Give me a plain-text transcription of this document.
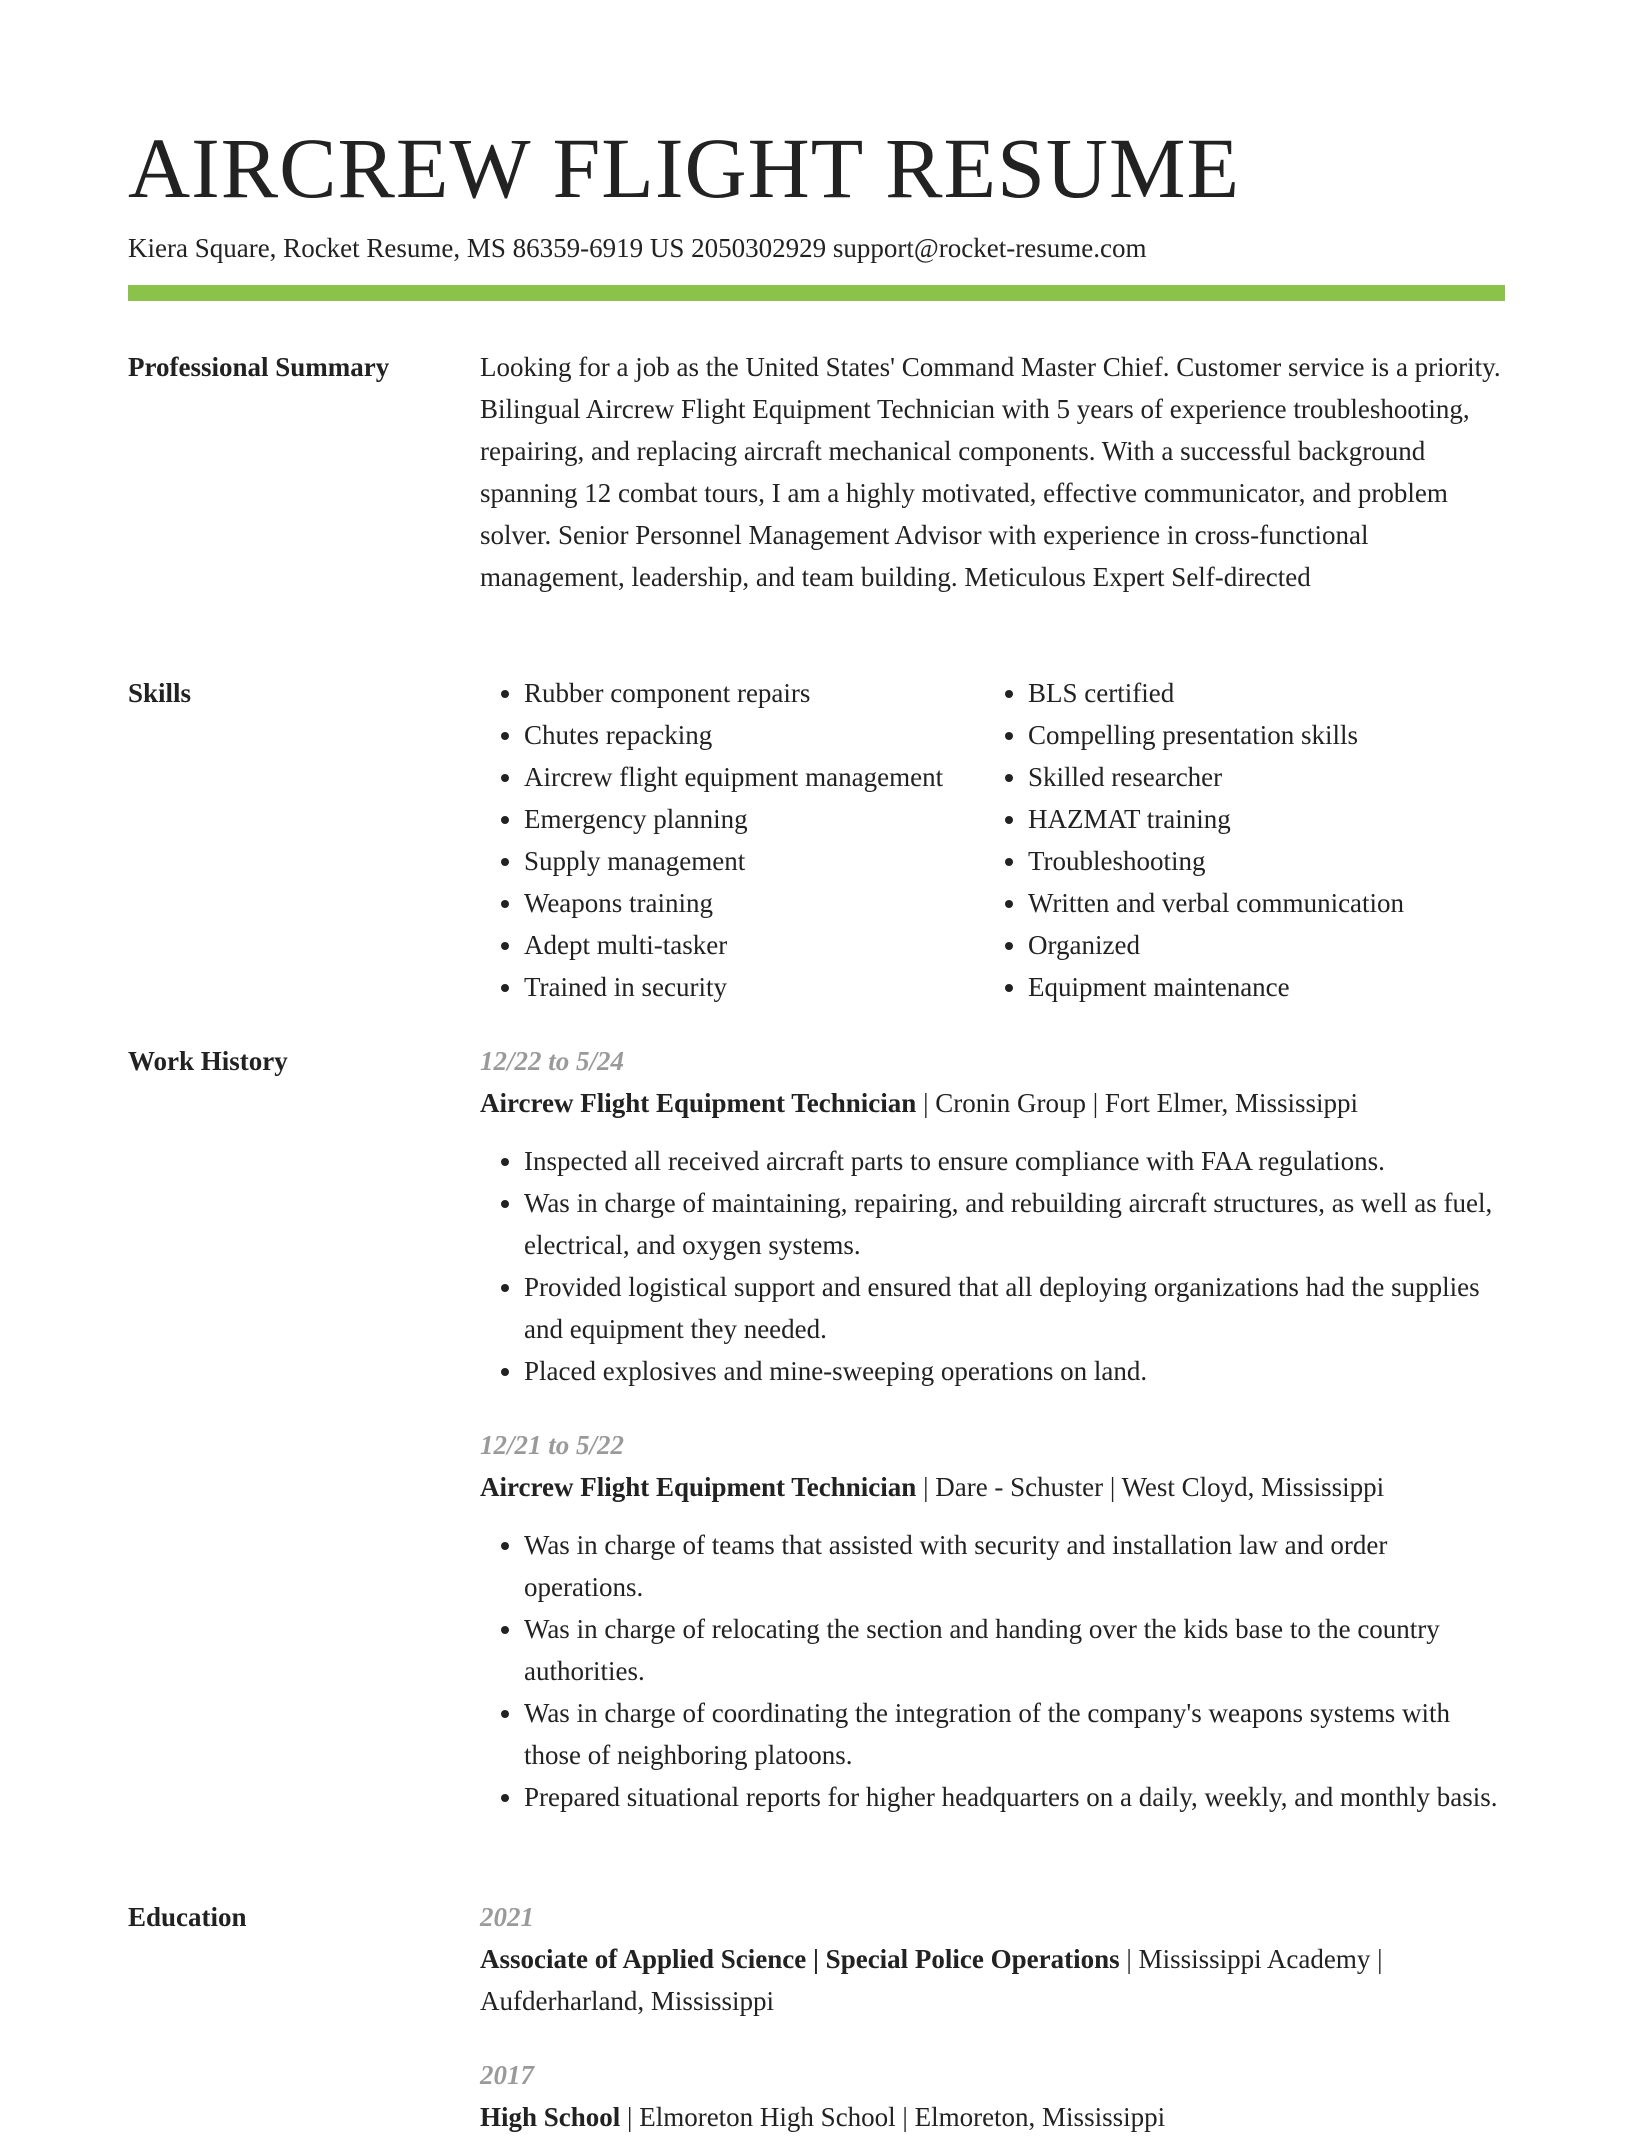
AIRCREW FLIGHT RESUME
Kiera Square, Rocket Resume, MS 86359-6919 US 2050302929 support@rocket-resume.com
Professional Summary	Looking for a job as the United States' Command Master Chief. Customer service is a priority. Bilingual Aircrew Flight Equipment Technician with 5 years of experience troubleshooting, repairing, and replacing aircraft mechanical components. With a successful background spanning 12 combat tours, I am a highly motivated, effective communicator, and problem solver. Senior Personnel Management Advisor with experience in cross-functional management, leadership, and team building. Meticulous Expert Self-directed

Skills
•	Rubber component repairs
• Chutes repacking
• Aircrew flight equipment management
• Emergency planning
• Supply management
• Weapons training
• Adept multi-tasker
• Trained in security
• BLS certified
• Compelling presentation skills
• Skilled researcher
• HAZMAT training
• Troubleshooting
• Written and verbal communication
• Organized
• Equipment maintenance
Work History	12/22 to 5/24
Aircrew Flight Equipment Technician | Cronin Group | Fort Elmer, Mississippi
• Inspected all received aircraft parts to ensure compliance with FAA regulations.
• Was in charge of maintaining, repairing, and rebuilding aircraft structures, as well as fuel, electrical, and oxygen systems.
• Provided logistical support and ensured that all deploying organizations had the supplies and equipment they needed.
• Placed explosives and mine-sweeping operations on land.
12/21 to 5/22
Aircrew Flight Equipment Technician | Dare - Schuster | West Cloyd, Mississippi
• Was in charge of teams that assisted with security and installation law and order operations.
• Was in charge of relocating the section and handing over the kids base to the country authorities.
• Was in charge of coordinating the integration of the company's weapons systems with those of neighboring platoons.
• Prepared situational reports for higher headquarters on a daily, weekly, and monthly basis.
Education	2021
Associate of Applied Science | Special Police Operations | Mississippi Academy | Aufderharland, Mississippi
2017
High School | Elmoreton High School | Elmoreton, Mississippi
